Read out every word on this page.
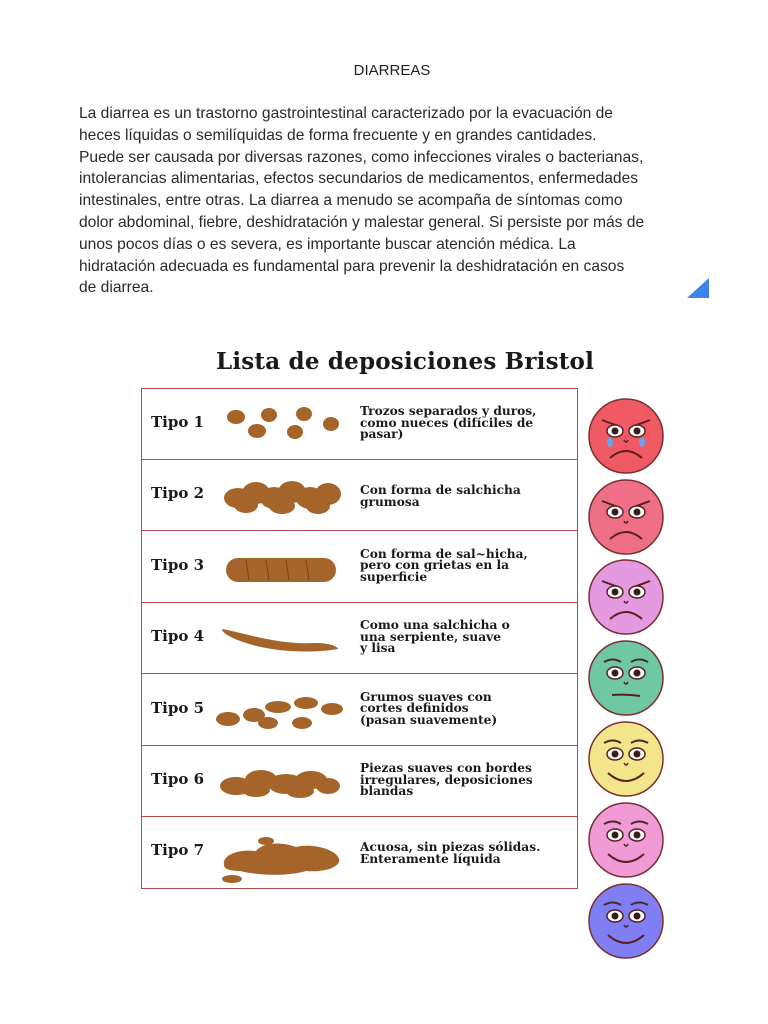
DIARREAS
La diarrea es un trastorno gastrointestinal caracterizado por la evacuación de
heces líquidas o semilíquidas de forma frecuente y en grandes cantidades.
Puede ser causada por diversas razones, como infecciones virales o bacterianas,
intolerancias alimentarias, efectos secundarios de medicamentos, enfermedades
intestinales, entre otras. La diarrea a menudo se acompaña de síntomas como
dolor abdominal, fiebre, deshidratación y malestar general. Si persiste por más de
unos pocos días o es severa, es importante buscar atención médica. La
hidratación adecuada es fundamental para prevenir la deshidratación en casos
de diarrea.
Lista de deposiciones Bristol
Tipo 1
Trozos separados y duros,
como nueces (difíciles de
pasar)
Tipo 2	Con forma de salchicha
grumosa
Tipo 3
Con forma de sal~hicha,
pero con grietas en la
superficie
Tipo 4
Como una salchicha o
una serpiente, suave
y lisa
Tipo 5
Grumos suaves con
cortes definidos
(pasan suavemente)
Tipo 6
Piezas suaves con bordes
irregulares, deposiciones
blandas
Tipo 7	Acuosa, sin piezas sólidas.
Enteramente líquida
